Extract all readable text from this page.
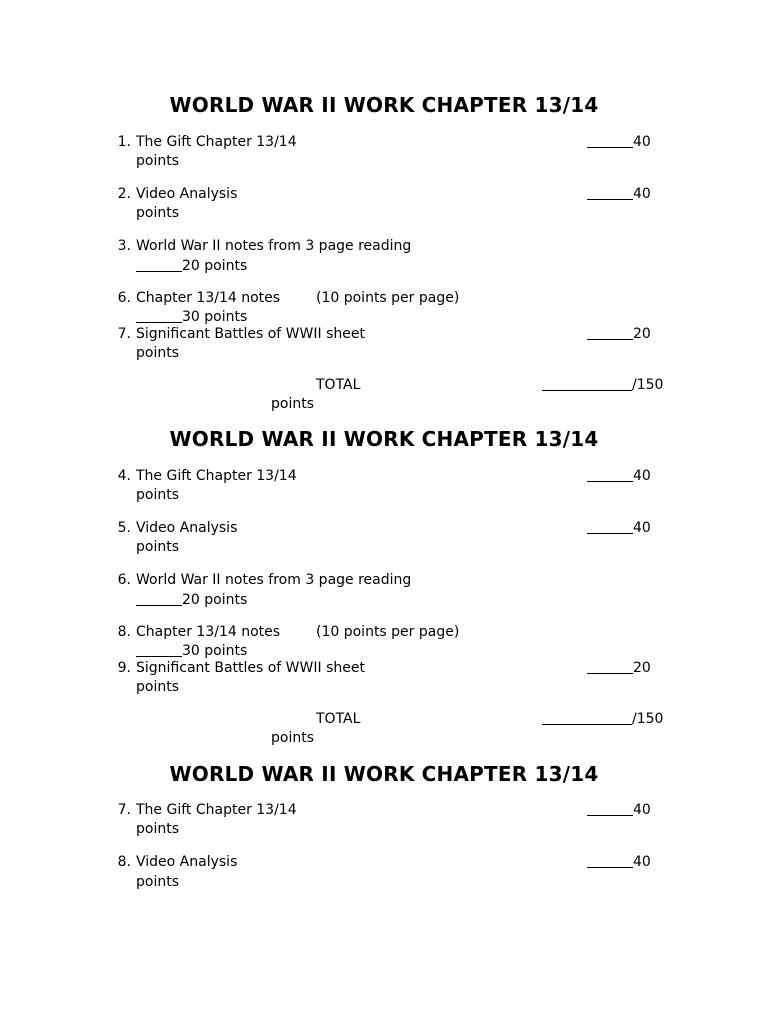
WORLD WAR II WORK CHAPTER 13/14
1. The Gift Chapter 13/14	40
points
2. Video Analysis	40
points
3. World War II notes from 3 page reading
20 points
6. Chapter 13/14 notes	(10 points per page)
30 points
7. Significant Battles of WWII sheet	20
points
TOTAL	/150
points
WORLD WAR II WORK CHAPTER 13/14
4. The Gift Chapter 13/14	40
points
5. Video Analysis	40
points
6. World War II notes from 3 page reading
20 points
8. Chapter 13/14 notes	(10 points per page)
30 points
9. Significant Battles of WWII sheet	20
points
TOTAL	/150
points
WORLD WAR II WORK CHAPTER 13/14
7. The Gift Chapter 13/14	40
points
8. Video Analysis	40
points
